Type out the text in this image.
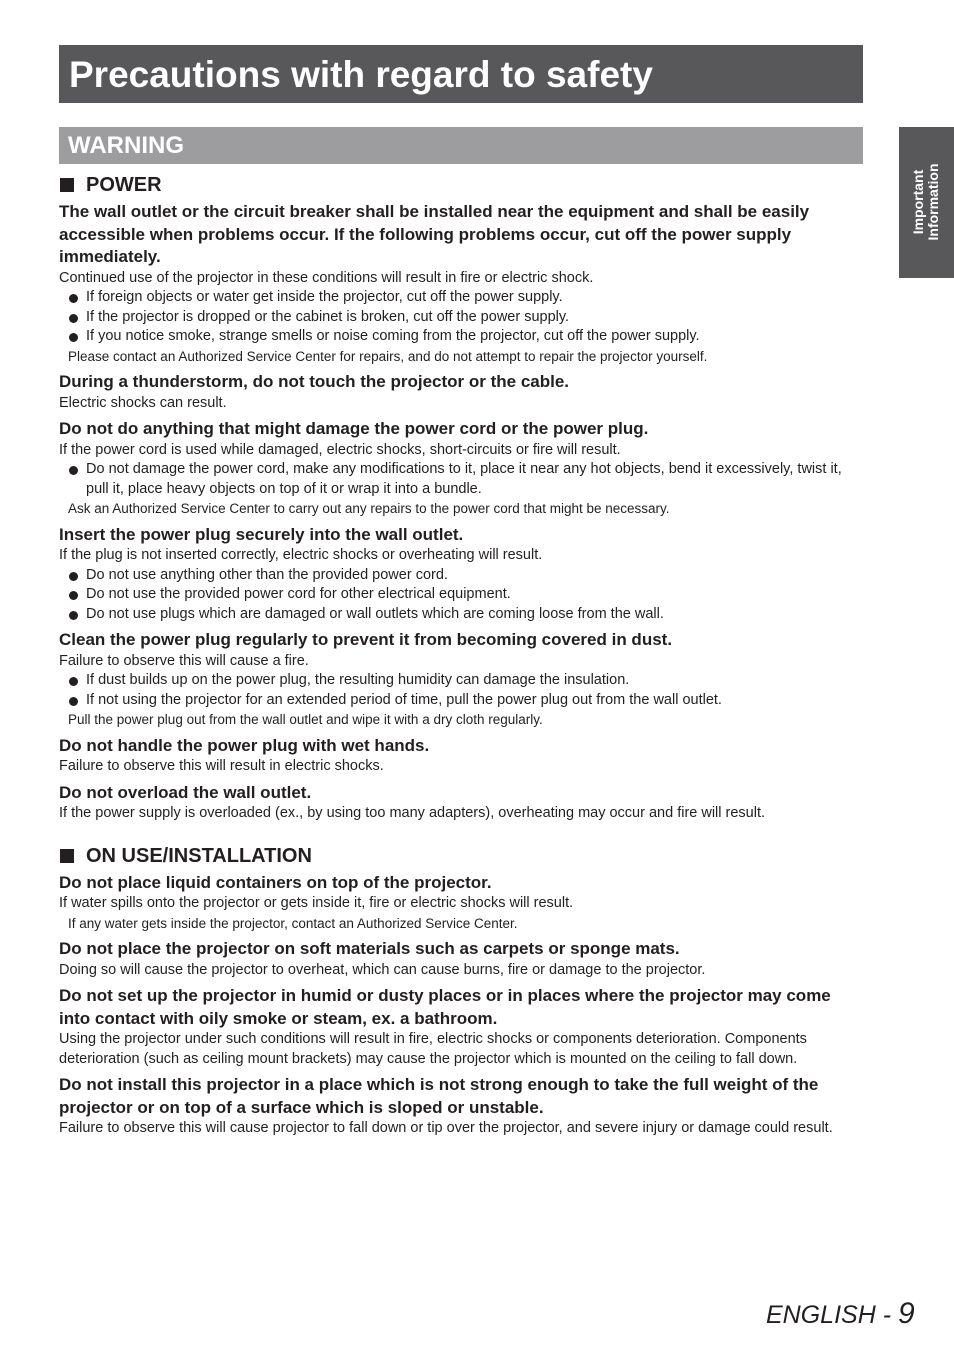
Precautions with regard to safety
WARNING
Important Information
POWER
The wall outlet or the circuit breaker shall be installed near the equipment and shall be easily accessible when problems occur. If the following problems occur, cut off the power supply immediately.
Continued use of the projector in these conditions will result in fire or electric shock.
If foreign objects or water get inside the projector, cut off the power supply.
If the projector is dropped or the cabinet is broken, cut off the power supply.
If you notice smoke, strange smells or noise coming from the projector, cut off the power supply.
Please contact an Authorized Service Center for repairs, and do not attempt to repair the projector yourself.
During a thunderstorm, do not touch the projector or the cable.
Electric shocks can result.
Do not do anything that might damage the power cord or the power plug.
If the power cord is used while damaged, electric shocks, short-circuits or fire will result.
Do not damage the power cord, make any modifications to it, place it near any hot objects, bend it excessively, twist it, pull it, place heavy objects on top of it or wrap it into a bundle.
Ask an Authorized Service Center to carry out any repairs to the power cord that might be necessary.
Insert the power plug securely into the wall outlet.
If the plug is not inserted correctly, electric shocks or overheating will result.
Do not use anything other than the provided power cord.
Do not use the provided power cord for other electrical equipment.
Do not use plugs which are damaged or wall outlets which are coming loose from the wall.
Clean the power plug regularly to prevent it from becoming covered in dust.
Failure to observe this will cause a fire.
If dust builds up on the power plug, the resulting humidity can damage the insulation.
If not using the projector for an extended period of time, pull the power plug out from the wall outlet.
Pull the power plug out from the wall outlet and wipe it with a dry cloth regularly.
Do not handle the power plug with wet hands.
Failure to observe this will result in electric shocks.
Do not overload the wall outlet.
If the power supply is overloaded (ex., by using too many adapters), overheating may occur and fire will result.
ON USE/INSTALLATION
Do not place liquid containers on top of the projector.
If water spills onto the projector or gets inside it, fire or electric shocks will result.
If any water gets inside the projector, contact an Authorized Service Center.
Do not place the projector on soft materials such as carpets or sponge mats.
Doing so will cause the projector to overheat, which can cause burns, fire or damage to the projector.
Do not set up the projector in humid or dusty places or in places where the projector may come into contact with oily smoke or steam, ex. a bathroom.
Using the projector under such conditions will result in fire, electric shocks or components deterioration. Components deterioration (such as ceiling mount brackets) may cause the projector which is mounted on the ceiling to fall down.
Do not install this projector in a place which is not strong enough to take the full weight of the projector or on top of a surface which is sloped or unstable.
Failure to observe this will cause projector to fall down or tip over the projector, and severe injury or damage could result.
ENGLISH - 9
